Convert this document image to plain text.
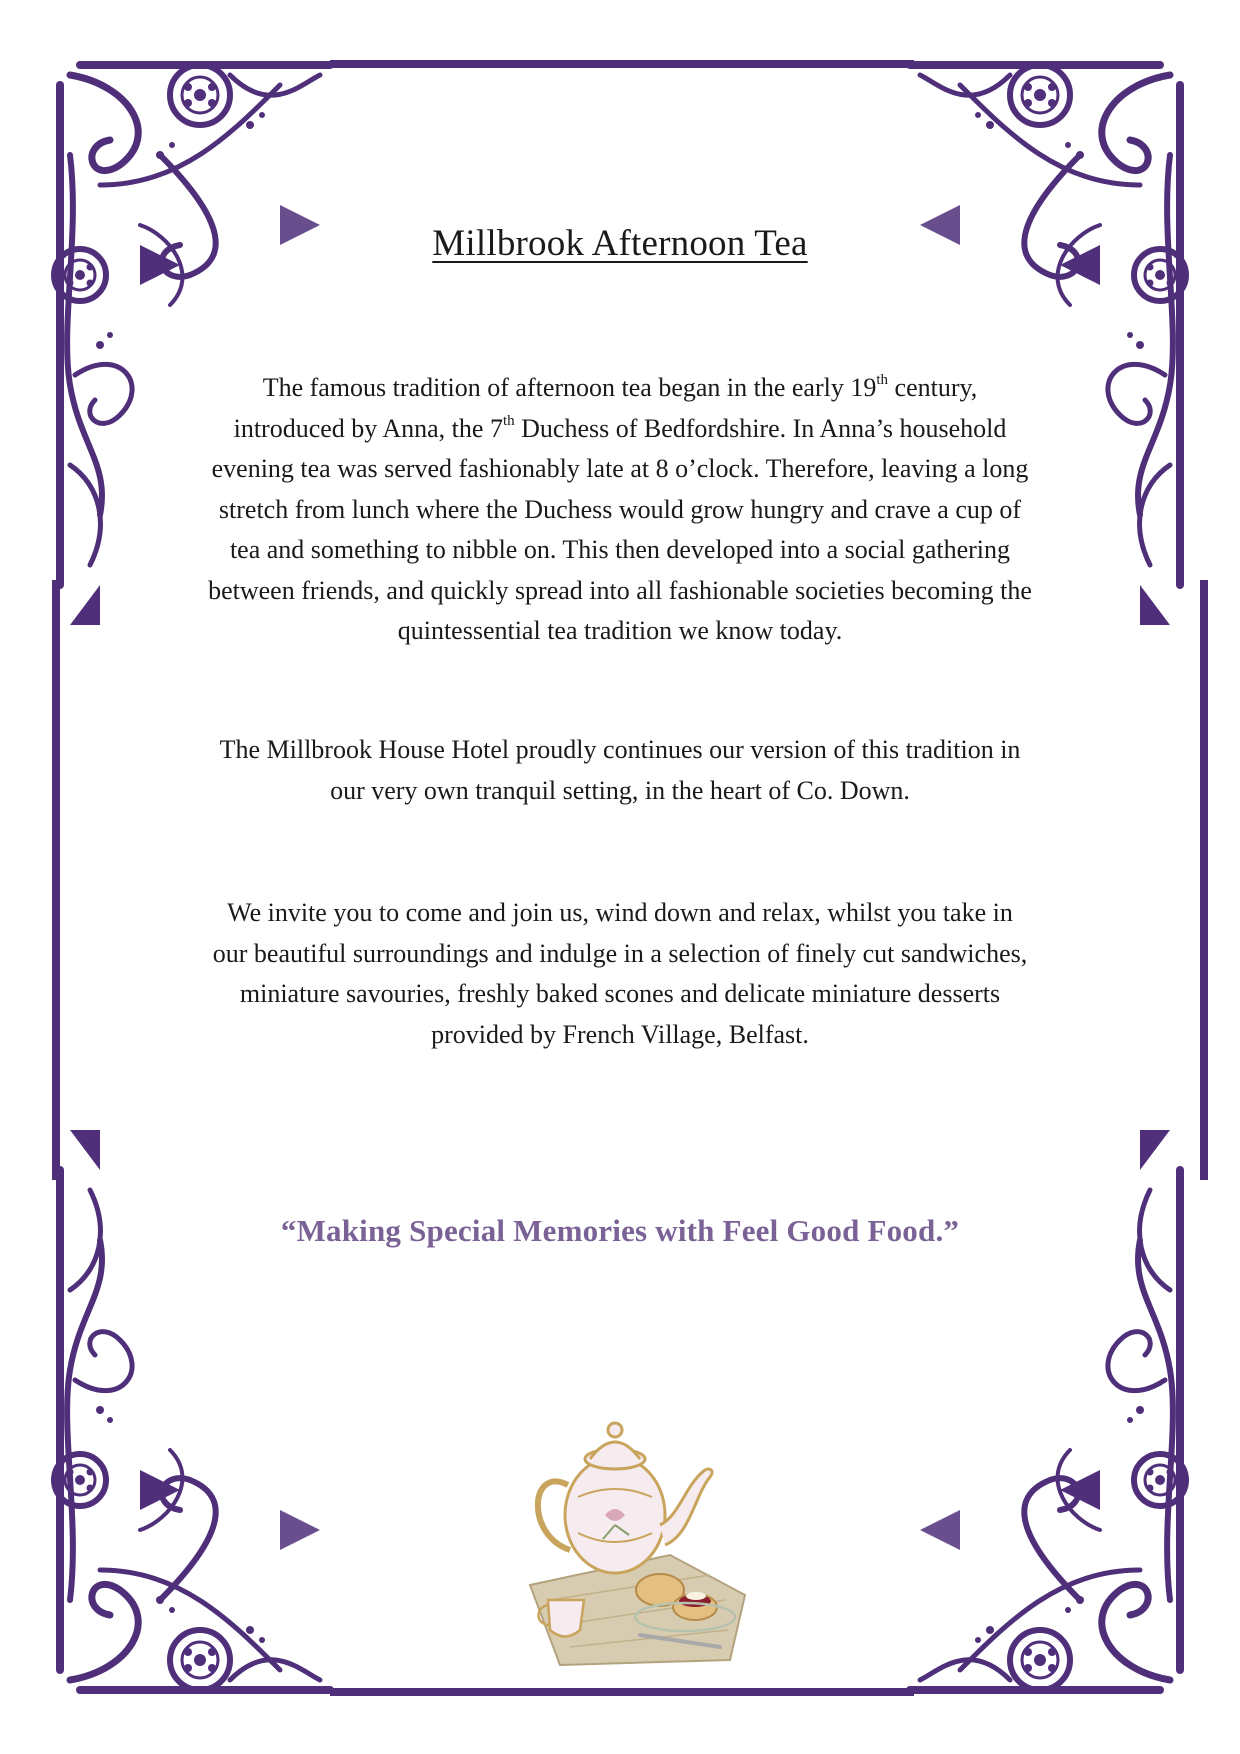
Millbrook Afternoon Tea

The famous tradition of afternoon tea began in the early 19th century,
introduced by Anna, the 7th Duchess of Bedfordshire. In Anna’s household
evening tea was served fashionably late at 8 o’clock. Therefore, leaving a long
stretch from lunch where the Duchess would grow hungry and crave a cup of
tea and something to nibble on. This then developed into a social gathering
between friends, and quickly spread into all fashionable societies becoming the
quintessential tea tradition we know today.

The Millbrook House Hotel proudly continues our version of this tradition in
our very own tranquil setting, in the heart of Co. Down.

We invite you to come and join us, wind down and relax, whilst you take in
our beautiful surroundings and indulge in a selection of finely cut sandwiches,
miniature savouries, freshly baked scones and delicate miniature desserts
provided by French Village, Belfast.

“Making Special Memories with Feel Good Food.”
